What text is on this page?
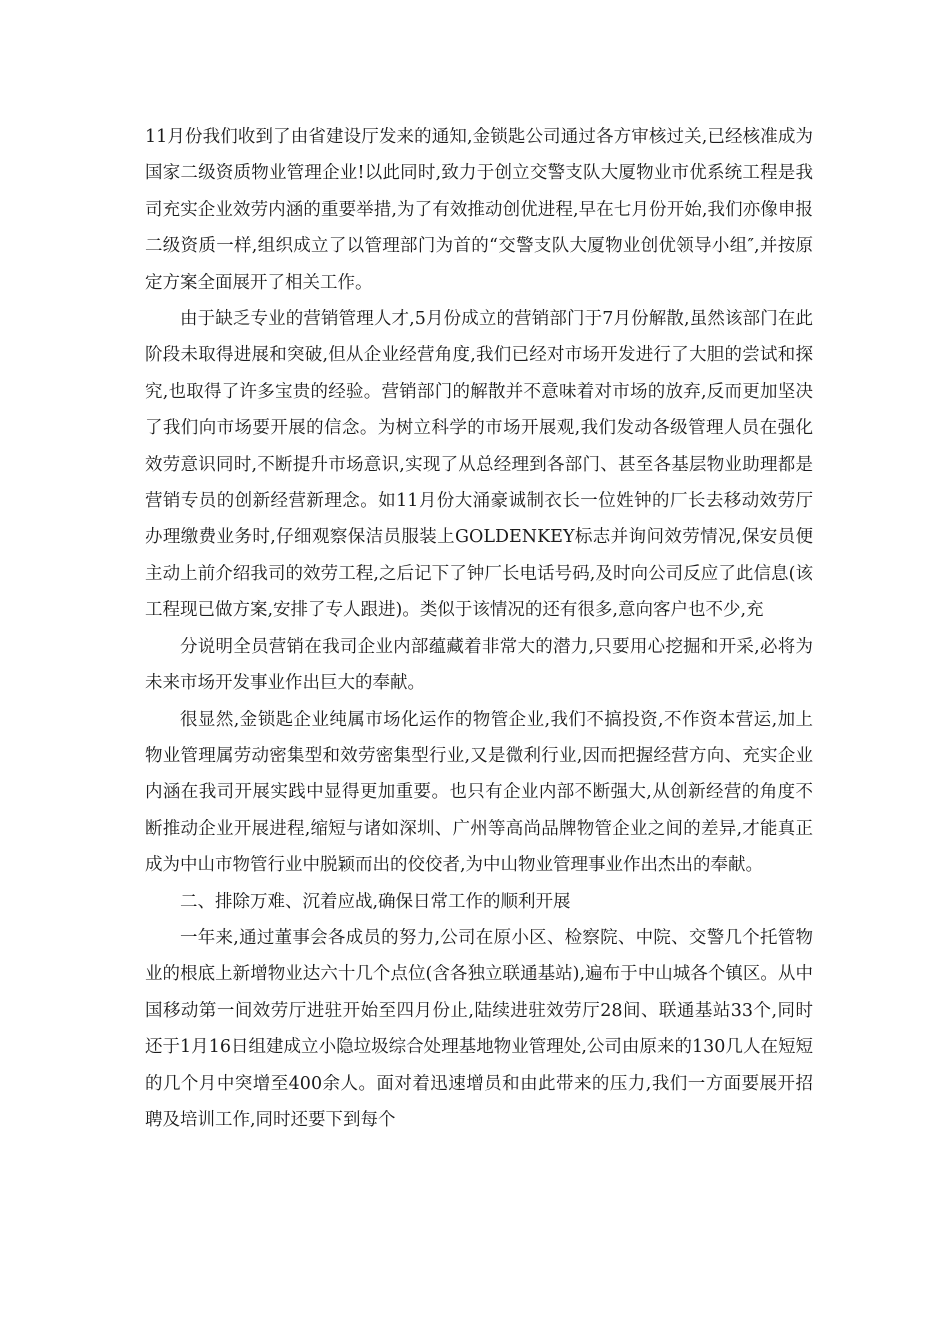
11月份我们收到了由省建设厅发来的通知,金锁匙公司通过各方审核过关,已经核准成为国家二级资质物业管理企业!以此同时,致力于创立交警支队大厦物业市优系统工程是我司充实企业效劳内涵的重要举措,为了有效推动创优进程,早在七月份开始,我们亦像申报二级资质一样,组织成立了以管理部门为首的“交警支队大厦物业创优领导小组″,并按原定方案全面展开了相关工作。

由于缺乏专业的营销管理人才,5月份成立的营销部门于7月份解散,虽然该部门在此阶段未取得进展和突破,但从企业经营角度,我们已经对市场开发进行了大胆的尝试和探究,也取得了许多宝贵的经验。营销部门的解散并不意味着对市场的放弃,反而更加坚决了我们向市场要开展的信念。为树立科学的市场开展观,我们发动各级管理人员在强化效劳意识同时,不断提升市场意识,实现了从总经理到各部门、甚至各基层物业助理都是营销专员的创新经营新理念。如11月份大涌豪诚制衣长一位姓钟的厂长去移动效劳厅办理缴费业务时,仔细观察保洁员服装上GOLDENKEY标志并询问效劳情况,保安员便主动上前介绍我司的效劳工程,之后记下了钟厂长电话号码,及时向公司反应了此信息(该工程现已做方案,安排了专人跟进)。类似于该情况的还有很多,意向客户也不少,充

分说明全员营销在我司企业内部蕴藏着非常大的潜力,只要用心挖掘和开采,必将为未来市场开发事业作出巨大的奉献。

很显然,金锁匙企业纯属市场化运作的物管企业,我们不搞投资,不作资本营运,加上物业管理属劳动密集型和效劳密集型行业,又是微利行业,因而把握经营方向、充实企业内涵在我司开展实践中显得更加重要。也只有企业内部不断强大,从创新经营的角度不断推动企业开展进程,缩短与诸如深圳、广州等高尚品牌物管企业之间的差异,才能真正成为中山市物管行业中脱颖而出的佼佼者,为中山物业管理事业作出杰出的奉献。

二、排除万难、沉着应战,确保日常工作的顺利开展

一年来,通过董事会各成员的努力,公司在原小区、检察院、中院、交警几个托管物业的根底上新增物业达六十几个点位(含各独立联通基站),遍布于中山城各个镇区。从中国移动第一间效劳厅进驻开始至四月份止,陆续进驻效劳厅28间、联通基站33个,同时还于1月16日组建成立小隐垃圾综合处理基地物业管理处,公司由原来的130几人在短短的几个月中突增至400余人。面对着迅速增员和由此带来的压力,我们一方面要展开招聘及培训工作,同时还要下到每个
